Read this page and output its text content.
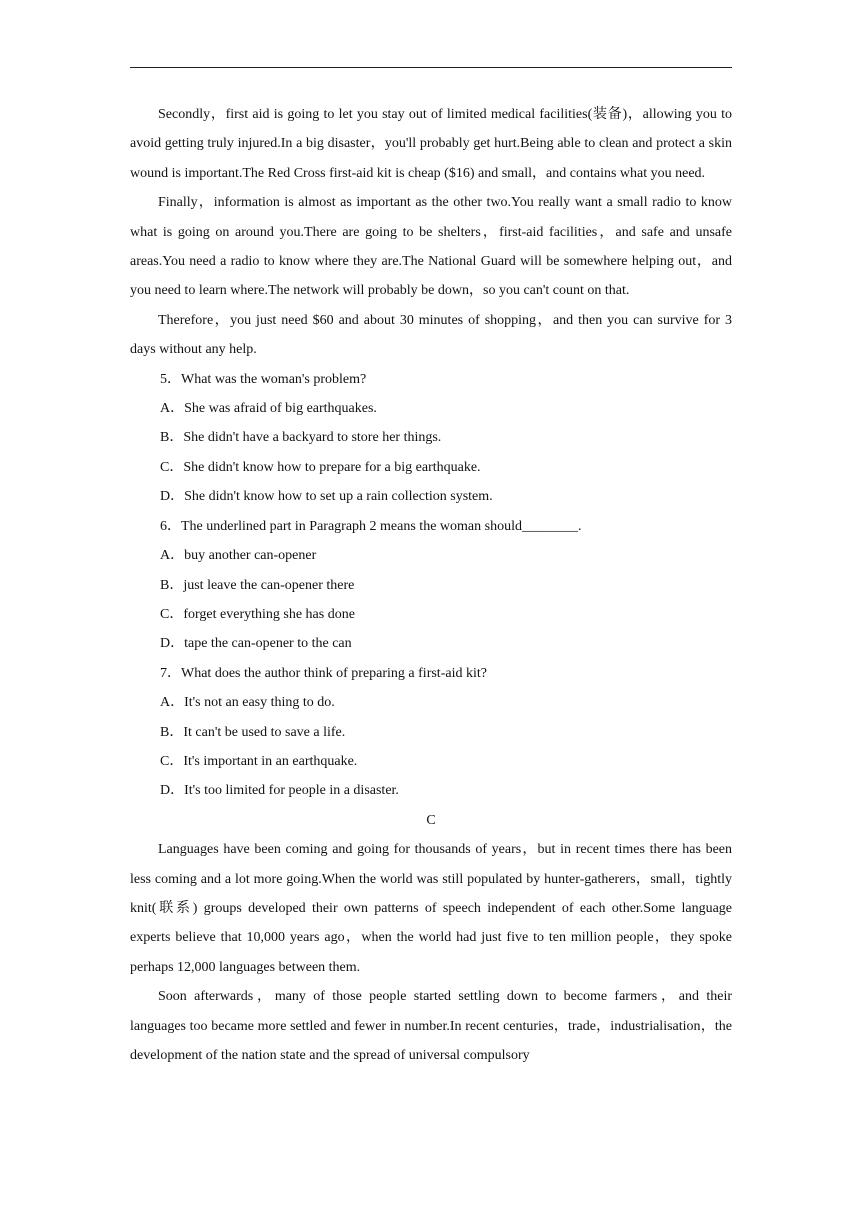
Secondly，first aid is going to let you stay out of limited medical facilities(装备)，allowing you to avoid getting truly injured.In a big disaster，you'll probably get hurt.Being able to clean and protect a skin wound is important.The Red Cross first-aid kit is cheap ($16) and small，and contains what you need.

Finally，information is almost as important as the other two.You really want a small radio to know what is going on around you.There are going to be shelters，first-aid facilities，and safe and unsafe areas.You need a radio to know where they are.The National Guard will be somewhere helping out，and you need to learn where.The network will probably be down，so you can't count on that.

Therefore，you just need $60 and about 30 minutes of shopping，and then you can survive for 3 days without any help.

5．What was the woman's problem?

A．She was afraid of big earthquakes.

B．She didn't have a backyard to store her things.

C．She didn't know how to prepare for a big earthquake.

D．She didn't know how to set up a rain collection system.

6．The underlined part in Paragraph 2 means the woman should________.

A．buy another can-opener

B．just leave the can-opener there

C．forget everything she has done

D．tape the can-opener to the can

7．What does the author think of preparing a first-aid kit?

A．It's not an easy thing to do.

B．It can't be used to save a life.

C．It's important in an earthquake.

D．It's too limited for people in a disaster.

C

Languages have been coming and going for thousands of years，but in recent times there has been less coming and a lot more going.When the world was still populated by hunter-gatherers，small，tightly knit(联系) groups developed their own patterns of speech independent of each other.Some language experts believe that 10,000 years ago，when the world had just five to ten million people，they spoke perhaps 12,000 languages between them.

Soon afterwards，many of those people started settling down to become farmers，and their languages too became more settled and fewer in number.In recent centuries，trade，industrialisation，the development of the nation state and the spread of universal compulsory
